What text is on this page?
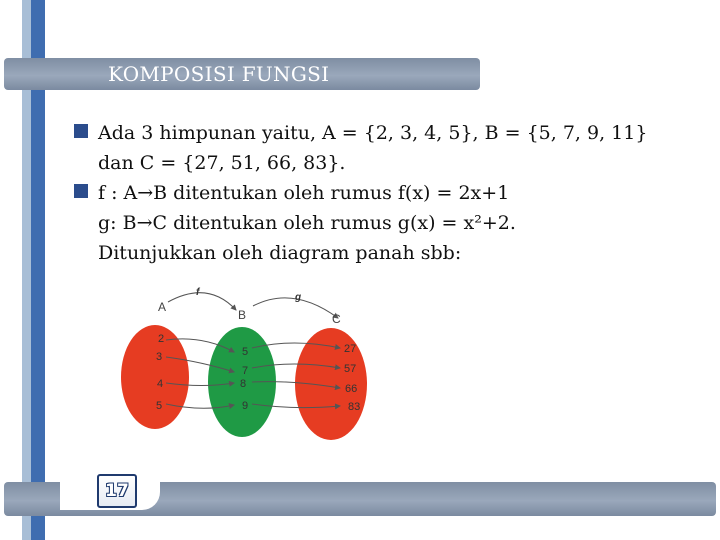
KOMPOSISI FUNGSI
Ada 3 himpunan yaitu, A = {2, 3, 4, 5}, B = {5, 7, 9, 11}
dan C = {27, 51, 66, 83}.
f : A→B ditentukan oleh rumus f(x) = 2x+1
g: B→C ditentukan oleh rumus g(x) = x²+2.
Ditunjukkan oleh diagram panah sbb:
f	g
A
B	C
2
3
4
5
5
7
8
9
27
57
66
83
17
